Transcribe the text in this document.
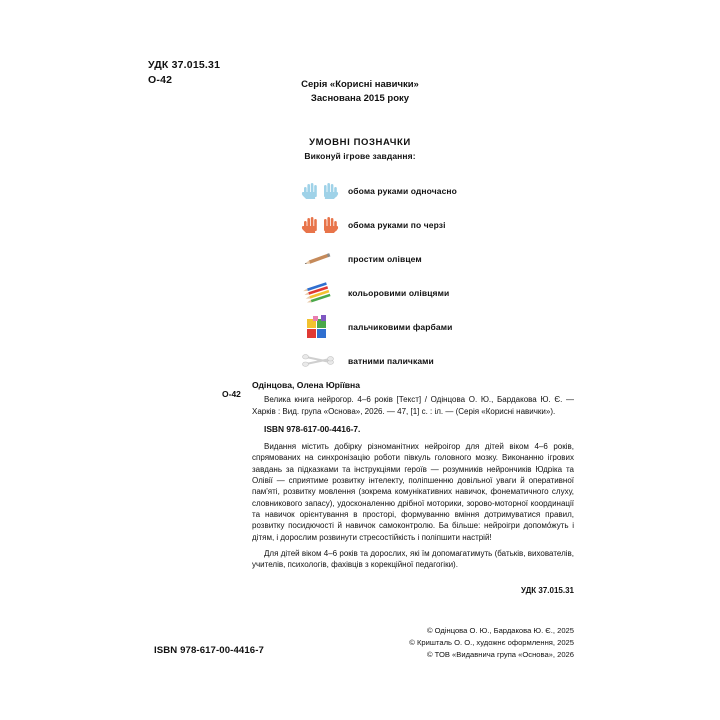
УДК 37.015.31
О-42	Серія «Корисні навички»
Заснована 2015 року
УМОВНІ ПОЗНАЧКИ
Виконуй ігрове завдання:
обома руками одночасно
обома руками по черзі
простим олівцем
кольоровими олівцями
пальчиковими фарбами
ватними паличками
О-42
Одінцова, Олена Юріївна
Велика книга нейрогор. 4–6 років [Текст] / Одінцова О. Ю., Бардакова Ю. Є. — Харків : Вид. група «Основа», 2026. — 47, [1] с. : іл. — (Серія «Корисні навички»).
ISBN 978-617-00-4416-7.
Видання містить добірку різноманітних нейроігор для дітей віком 4–6 років, спрямованих на синхронізацію роботи півкуль головного мозку. Виконанню ігрових завдань за підказками та інструкціями героїв — розумників нейрончиків Юдріка та Олівії — сприятиме розвитку інтелекту, поліпшенню довільної уваги й оперативної пам'яті, розвитку мовлення (зокрема комунікативних навичок, фонематичного слуху, словникового запасу), удосконаленню дрібної моторики, зорово-моторної координації та навичок орієнтування в просторі, формуванню вміння дотримуватися правил, розвитку посидючості й навичок самоконтролю. Ба більше: нейроігри допомо́жуть і дітям, і дорослим розвинути стресостійкість і поліпшити настрій!
Для дітей віком 4–6 років та дорослих, які їм допомагатимуть (батьків, вихователів, учителів, психологів, фахівців з корекційної педагогіки).
УДК 37.015.31
© Одінцова О. Ю., Бардакова Ю. Є., 2025
© Кришталь О. О., художнє оформлення, 2025
© ТОВ «Видавнича група «Основа», 2026
ISBN 978-617-00-4416-7
